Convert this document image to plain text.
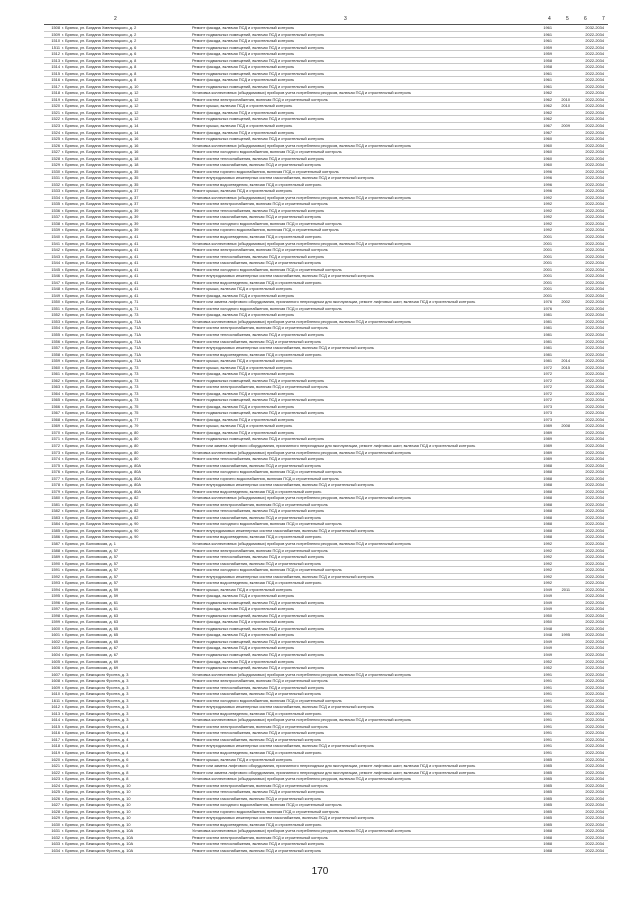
2	3	4	5	6	7
1508 г. Брянск, ул. Богдана Хмельницкого, д. 2	Ремонт фасада, включая ПСД и строительный контроль	1961	2032-2034
1509 г. Брянск, ул. Богдана Хмельницкого, д. 2	Ремонт подвальных помещений, включая ПСД и строительный контроль	1961	2022-2034
1510 г. Брянск, ул. Богдана Хмельницкого, д. 2	Ремонт фасада, включая ПСД и строительный контроль	1961	2022-2034
1511 г. Брянск, ул. Богдана Хмельницкого, д. 6	Ремонт подвальных помещений, включая ПСД и строительный контроль	1959	2022-2034
1512 г. Брянск, ул. Богдана Хмельницкого, д. 6	Ремонт фасада, включая ПСД и строительный контроль	1959	2022-2034
1513 г. Брянск, ул. Богдана Хмельницкого, д. 8	Ремонт подвальных помещений, включая ПСД и строительный контроль	1958	2022-2034
1514 г. Брянск, ул. Богдана Хмельницкого, д. 8	Ремонт фасада, включая ПСД и строительный контроль	1958	2022-2034
1515 г. Брянск, ул. Богдана Хмельницкого, д. 8	Ремонт подвальных помещений, включая ПСД и строительный контроль	1961	2022-2034
1516 г. Брянск, ул. Богдана Хмельницкого, д. 8	Ремонт фасада, включая ПСД и строительный контроль	1961	2022-2034
1517 г. Брянск, ул. Богдана Хмельницкого, д. 10	Ремонт подвальных помещений, включая ПСД и строительный контроль	1961	2022-2034
1518 г. Брянск, ул. Богдана Хмельницкого, д. 12	Установка коллективных (общедомовых) приборов учета потребления ресурсов, включая ПСД и строительный контроль	1962	2022-2034
1519 г. Брянск, ул. Богдана Хмельницкого, д. 12	Ремонт систем электроснабжения, включая ПСД и строительный контроль	1962	2010	2022-2034
1520 г. Брянск, ул. Богдана Хмельницкого, д. 12	Ремонт крыши, включая ПСД и строительный контроль	1962	2010	2022-2034
1521 г. Брянск, ул. Богдана Хмельницкого, д. 12	Ремонт фасада, включая ПСД и строительный контроль	1962	2022-2034
1522 г. Брянск, ул. Богдана Хмельницкого, д. 12	Ремонт подвальных помещений, включая ПСД и строительный контроль	1962	2022-2034
1523 г. Брянск, ул. Богдана Хмельницкого, д. 14	Ремонт крыши, включая ПСД и строительный контроль	1967	2009	2022-2034
1524 г. Брянск, ул. Богдана Хмельницкого, д. 14	Ремонт фасада, включая ПСД и строительный контроль	1967	2022-2034
1525 г. Брянск, ул. Богдана Хмельницкого, д. 16	Ремонт подвальных помещений, включая ПСД и строительный контроль	1960	2022-2034
1526 г. Брянск, ул. Богдана Хмельницкого, д. 16	Установка коллективных (общедомовых) приборов учета потребления ресурсов, включая ПСД и строительный контроль	1960	2022-2034
1527 г. Брянск, ул. Богдана Хмельницкого, д. 16	Ремонт систем холодного водоснабжения, включая ПСД и строительный контроль	1960	2022-2034
1528 г. Брянск, ул. Богдана Хмельницкого, д. 18	Ремонт систем теплоснабжения, включая ПСД и строительный контроль	1960	2022-2034
1529 г. Брянск, ул. Богдана Хмельницкого, д. 18	Ремонт систем газоснабжения, включая ПСД и строительный контроль	1960	2022-2034
1530 г. Брянск, ул. Богдана Хмельницкого, д. 35	Ремонт систем горячего водоснабжения, включая ПСД и строительный контроль	1996	2022-2034
1531 г. Брянск, ул. Богдана Хмельницкого, д. 35	Ремонт внутридомовых инженерных систем газоснабжения, включая ПСД и строительный контроль	1996	2022-2034
1532 г. Брянск, ул. Богдана Хмельницкого, д. 35	Ремонт систем водоотведения, включая ПСД и строительный контроль	1996	2022-2034
1533 г. Брянск, ул. Богдана Хмельницкого, д. 37	Ремонт крыши, включая ПСД и строительный контроль	1996	2022-2034
1534 г. Брянск, ул. Богдана Хмельницкого, д. 37	Установка коллективных (общедомовых) приборов учета потребления ресурсов, включая ПСД и строительный контроль	1992	2022-2034
1535 г. Брянск, ул. Богдана Хмельницкого, д. 37	Ремонт систем электроснабжения, включая ПСД и строительный контроль	1992	2022-2034
1536 г. Брянск, ул. Богдана Хмельницкого, д. 39	Ремонт систем теплоснабжения, включая ПСД и строительный контроль	1992	2022-2034
1537 г. Брянск, ул. Богдана Хмельницкого, д. 39	Ремонт систем газоснабжения, включая ПСД и строительный контроль	1992	2022-2034
1538 г. Брянск, ул. Богдана Хмельницкого, д. 39	Ремонт систем холодного водоснабжения, включая ПСД и строительный контроль	1992	2022-2034
1539 г. Брянск, ул. Богдана Хмельницкого, д. 39	Ремонт систем горячего водоснабжения, включая ПСД и строительный контроль	1992	2022-2034
1540 г. Брянск, ул. Богдана Хмельницкого, д. 41	Ремонт систем водоотведения, включая ПСД и строительный контроль	2001	2022-2034
1541 г. Брянск, ул. Богдана Хмельницкого, д. 41	Установка коллективных (общедомовых) приборов учета потребления ресурсов, включая ПСД и строительный контроль	2001	2022-2034
1542 г. Брянск, ул. Богдана Хмельницкого, д. 41	Ремонт систем электроснабжения, включая ПСД и строительный контроль	2001	2022-2034
1543 г. Брянск, ул. Богдана Хмельницкого, д. 41	Ремонт систем теплоснабжения, включая ПСД и строительный контроль	2001	2022-2034
1544 г. Брянск, ул. Богдана Хмельницкого, д. 41	Ремонт систем газоснабжения, включая ПСД и строительный контроль	2001	2022-2034
1545 г. Брянск, ул. Богдана Хмельницкого, д. 41	Ремонт систем холодного водоснабжения, включая ПСД и строительный контроль	2001	2022-2034
1546 г. Брянск, ул. Богдана Хмельницкого, д. 41	Ремонт внутридомовых инженерных систем газоснабжения, включая ПСД и строительный контроль	2001	2022-2034
1547 г. Брянск, ул. Богдана Хмельницкого, д. 41	Ремонт систем водоотведения, включая ПСД и строительный контроль	2001	2022-2034
1548 г. Брянск, ул. Богдана Хмельницкого, д. 41	Ремонт крыши, включая ПСД и строительный контроль	2001	2022-2034
1549 г. Брянск, ул. Богдана Хмельницкого, д. 41	Ремонт фасада, включая ПСД и строительный контроль	2001	2022-2034
1550 г. Брянск, ул. Богдана Хмельницкого, д. 71	Ремонт или замена лифтового оборудования, признанного непригодным для эксплуатации, ремонт лифтовых шахт, включая ПСД и строительный контроль	1976	2002	2022-2034
1551 г. Брянск, ул. Богдана Хмельницкого, д. 71	Ремонт систем холодного водоснабжения, включая ПСД и строительный контроль	1976	2022-2034
1552 г. Брянск, ул. Богдана Хмельницкого, д. 73	Ремонт фасада, включая ПСД и строительный контроль	1981	2022-2034
1553 г. Брянск, ул. Богдана Хмельницкого, д. 71А	Установка коллективных (общедомовых) приборов учета потребления ресурсов, включая ПСД и строительный контроль	1981	2022-2034
1554 г. Брянск, ул. Богдана Хмельницкого, д. 71А	Ремонт систем электроснабжения, включая ПСД и строительный контроль	1981	2022-2034
1555 г. Брянск, ул. Богдана Хмельницкого, д. 71А	Ремонт систем теплоснабжения, включая ПСД и строительный контроль	1981	2022-2034
1556 г. Брянск, ул. Богдана Хмельницкого, д. 71А	Ремонт систем газоснабжения, включая ПСД и строительный контроль	1981	2022-2034
1557 г. Брянск, ул. Богдана Хмельницкого, д. 71А	Ремонт внутридомовых инженерных систем газоснабжения, включая ПСД и строительный контроль	1981	2022-2034
1558 г. Брянск, ул. Богдана Хмельницкого, д. 71А	Ремонт систем водоотведения, включая ПСД и строительный контроль	1981	2022-2034
1559 г. Брянск, ул. Богдана Хмельницкого, д. 71А	Ремонт крыши, включая ПСД и строительный контроль	1981	2014	2022-2034
1560 г. Брянск, ул. Богдана Хмельницкого, д. 73	Ремонт крыши, включая ПСД и строительный контроль	1972	2015	2022-2034
1561 г. Брянск, ул. Богдана Хмельницкого, д. 73	Ремонт фасада, включая ПСД и строительный контроль	1972	2022-2034
1562 г. Брянск, ул. Богдана Хмельницкого, д. 73	Ремонт подвальных помещений, включая ПСД и строительный контроль	1972	2022-2034
1563 г. Брянск, ул. Богдана Хмельницкого, д. 73	Ремонт систем электроснабжения, включая ПСД и строительный контроль	1972	2022-2034
1564 г. Брянск, ул. Богдана Хмельницкого, д. 73	Ремонт фасада, включая ПСД и строительный контроль	1972	2022-2034
1565 г. Брянск, ул. Богдана Хмельницкого, д. 73	Ремонт подвальных помещений, включая ПСД и строительный контроль	1972	2022-2034
1566 г. Брянск, ул. Богдана Хмельницкого, д. 75	Ремонт фасада, включая ПСД и строительный контроль	1973	2022-2034
1567 г. Брянск, ул. Богдана Хмельницкого, д. 75	Ремонт подвальных помещений, включая ПСД и строительный контроль	1973	2022-2034
1568 г. Брянск, ул. Богдана Хмельницкого, д. 77	Ремонт фасада, включая ПСД и строительный контроль	1973	2022-2034
1569 г. Брянск, ул. Богдана Хмельницкого, д. 79	Ремонт крыши, включая ПСД и строительный контроль	1989	2008	2022-2034
1570 г. Брянск, ул. Богдана Хмельницкого, д. 80	Ремонт фасада, включая ПСД и строительный контроль	1989	2022-2034
1571 г. Брянск, ул. Богдана Хмельницкого, д. 80	Ремонт подвальных помещений, включая ПСД и строительный контроль	1989	2022-2034
1572 г. Брянск, ул. Богдана Хмельницкого, д. 80	Ремонт или замена лифтового оборудования, признанного непригодным для эксплуатации, ремонт лифтовых шахт, включая ПСД и строительный контроль	1989	2022-2034
1573 г. Брянск, ул. Богдана Хмельницкого, д. 80	Установка коллективных (общедомовых) приборов учета потребления ресурсов, включая ПСД и строительный контроль	1989	2022-2034
1574 г. Брянск, ул. Богдана Хмельницкого, д. 80	Ремонт систем теплоснабжения, включая ПСД и строительный контроль	1989	2022-2034
1575 г. Брянск, ул. Богдана Хмельницкого, д. 80А	Ремонт систем газоснабжения, включая ПСД и строительный контроль	1988	2022-2034
1576 г. Брянск, ул. Богдана Хмельницкого, д. 80А	Ремонт систем холодного водоснабжения, включая ПСД и строительный контроль	1988	2022-2034
1577 г. Брянск, ул. Богдана Хмельницкого, д. 80А	Ремонт систем горячего водоснабжения, включая ПСД и строительный контроль	1988	2022-2034
1578 г. Брянск, ул. Богдана Хмельницкого, д. 80А	Ремонт внутридомовых инженерных систем газоснабжения, включая ПСД и строительный контроль	1988	2022-2034
1579 г. Брянск, ул. Богдана Хмельницкого, д. 80А	Ремонт систем водоотведения, включая ПСД и строительный контроль	1988	2022-2034
1580 г. Брянск, ул. Богдана Хмельницкого, д. 82	Установка коллективных (общедомовых) приборов учета потребления ресурсов, включая ПСД и строительный контроль	1988	2022-2034
1581 г. Брянск, ул. Богдана Хмельницкого, д. 82	Ремонт систем электроснабжения, включая ПСД и строительный контроль	1988	2022-2034
1582 г. Брянск, ул. Богдана Хмельницкого, д. 82	Ремонт систем теплоснабжения, включая ПСД и строительный контроль	1988	2022-2034
1583 г. Брянск, ул. Богдана Хмельницкого, д. 82	Ремонт систем газоснабжения, включая ПСД и строительный контроль	1988	2022-2034
1584 г. Брянск, ул. Богдана Хмельницкого, д. 90	Ремонт систем холодного водоснабжения, включая ПСД и строительный контроль	1988	2022-2034
1585 г. Брянск, ул. Богдана Хмельницкого, д. 90	Ремонт внутридомовых инженерных систем газоснабжения, включая ПСД и строительный контроль	1988	2022-2034
1586 г. Брянск, ул. Богдана Хмельницкого, д. 90	Ремонт систем водоотведения, включая ПСД и строительный контроль	1988	2022-2034
1587 г. Брянск, ул. Болховская, д. 1	Установка коллективных (общедомовых) приборов учета потребления ресурсов, включая ПСД и строительный контроль	1992	2022-2034
1588 г. Брянск, ул. Болховская, д. 57	Ремонт систем электроснабжения, включая ПСД и строительный контроль	1992	2022-2034
1589 г. Брянск, ул. Болховская, д. 57	Ремонт систем теплоснабжения, включая ПСД и строительный контроль	1992	2022-2034
1590 г. Брянск, ул. Болховская, д. 57	Ремонт систем газоснабжения, включая ПСД и строительный контроль	1992	2022-2034
1591 г. Брянск, ул. Болховская, д. 57	Ремонт систем холодного водоснабжения, включая ПСД и строительный контроль	1992	2022-2034
1592 г. Брянск, ул. Болховская, д. 57	Ремонт внутридомовых инженерных систем газоснабжения, включая ПСД и строительный контроль	1992	2022-2034
1593 г. Брянск, ул. Болховская, д. 57	Ремонт систем водоотведения, включая ПСД и строительный контроль	1992	2022-2034
1594 г. Брянск, ул. Болховская, д. 59	Ремонт крыши, включая ПСД и строительный контроль	1949	2011	2022-2034
1595 г. Брянск, ул. Болховская, д. 59	Ремонт фасада, включая ПСД и строительный контроль	1949	2022-2034
1596 г. Брянск, ул. Болховская, д. 61	Ремонт подвальных помещений, включая ПСД и строительный контроль	1949	2022-2034
1597 г. Брянск, ул. Болховская, д. 61	Ремонт фасада, включая ПСД и строительный контроль	1949	2022-2034
1598 г. Брянск, ул. Болховская, д. 63	Ремонт подвальных помещений, включая ПСД и строительный контроль	1950	2022-2034
1599 г. Брянск, ул. Болховская, д. 63	Ремонт фасада, включая ПСД и строительный контроль	1950	2022-2034
1600 г. Брянск, ул. Болховская, д. 65	Ремонт подвальных помещений, включая ПСД и строительный контроль	1948	2022-2034
1601 г. Брянск, ул. Болховская, д. 65	Ремонт фасада, включая ПСД и строительный контроль	1948	1995	2022-2034
1602 г. Брянск, ул. Болховская, д. 65	Ремонт подвальных помещений, включая ПСД и строительный контроль	1949	2022-2034
1603 г. Брянск, ул. Болховская, д. 67	Ремонт фасада, включая ПСД и строительный контроль	1949	2022-2034
1604 г. Брянск, ул. Болховская, д. 67	Ремонт подвальных помещений, включая ПСД и строительный контроль	1949	2022-2034
1605 г. Брянск, ул. Болховская, д. 69	Ремонт фасада, включая ПСД и строительный контроль	1952	2022-2034
1606 г. Брянск, ул. Болховская, д. 69	Ремонт подвальных помещений, включая ПСД и строительный контроль	1952	2022-2034
1607 г. Брянск, ул. Бежицкого Фронта, д. 3	Установка коллективных (общедомовых) приборов учета потребления ресурсов, включая ПСД и строительный контроль	1991	2022-2034
1608 г. Брянск, ул. Бежицкого Фронта, д. 3	Ремонт систем электроснабжения, включая ПСД и строительный контроль	1991	2022-2034
1609 г. Брянск, ул. Бежицкого Фронта, д. 3	Ремонт систем теплоснабжения, включая ПСД и строительный контроль	1991	2022-2034
1610 г. Брянск, ул. Бежицкого Фронта, д. 3	Ремонт систем газоснабжения, включая ПСД и строительный контроль	1991	2022-2034
1611 г. Брянск, ул. Бежицкого Фронта, д. 3	Ремонт систем холодного водоснабжения, включая ПСД и строительный контроль	1991	2022-2034
1612 г. Брянск, ул. Бежицкого Фронта, д. 3	Ремонт внутридомовых инженерных систем газоснабжения, включая ПСД и строительный контроль	1991	2022-2034
1613 г. Брянск, ул. Бежицкого Фронта, д. 3	Ремонт систем водоотведения, включая ПСД и строительный контроль	1991	2022-2034
1614 г. Брянск, ул. Бежицкого Фронта, д. 3	Установка коллективных (общедомовых) приборов учета потребления ресурсов, включая ПСД и строительный контроль	1991	2022-2034
1615 г. Брянск, ул. Бежицкого Фронта, д. 4	Ремонт систем электроснабжения, включая ПСД и строительный контроль	1991	2022-2034
1616 г. Брянск, ул. Бежицкого Фронта, д. 4	Ремонт систем теплоснабжения, включая ПСД и строительный контроль	1991	2022-2034
1617 г. Брянск, ул. Бежицкого Фронта, д. 4	Ремонт систем газоснабжения, включая ПСД и строительный контроль	1991	2022-2034
1618 г. Брянск, ул. Бежицкого Фронта, д. 4	Ремонт внутридомовых инженерных систем газоснабжения, включая ПСД и строительный контроль	1991	2022-2034
1619 г. Брянск, ул. Бежицкого Фронта, д. 4	Ремонт систем водоотведения, включая ПСД и строительный контроль	1991	2022-2034
1620 г. Брянск, ул. Бежицкого Фронта, д. 6	Ремонт крыши, включая ПСД и строительный контроль	1985	2022-2034
1621 г. Брянск, ул. Бежицкого Фронта, д. 6	Ремонт или замена лифтового оборудования, признанного непригодным для эксплуатации, ремонт лифтовых шахт, включая ПСД и строительный контроль	1985	2022-2034
1622 г. Брянск, ул. Бежицкого Фронта, д. 8	Ремонт или замена лифтового оборудования, признанного непригодным для эксплуатации, ремонт лифтовых шахт, включая ПСД и строительный контроль	1985	2022-2034
1623 г. Брянск, ул. Бежицкого Фронта, д. 8	Установка коллективных (общедомовых) приборов учета потребления ресурсов, включая ПСД и строительный контроль	1985	2022-2034
1624 г. Брянск, ул. Бежицкого Фронта, д. 10	Ремонт систем электроснабжения, включая ПСД и строительный контроль	1985	2022-2034
1625 г. Брянск, ул. Бежицкого Фронта, д. 10	Ремонт систем теплоснабжения, включая ПСД и строительный контроль	1985	2022-2034
1626 г. Брянск, ул. Бежицкого Фронта, д. 10	Ремонт систем газоснабжения, включая ПСД и строительный контроль	1985	2022-2034
1627 г. Брянск, ул. Бежицкого Фронта, д. 10	Ремонт систем холодного водоснабжения, включая ПСД и строительный контроль	1985	2022-2034
1628 г. Брянск, ул. Бежицкого Фронта, д. 10	Ремонт систем горячего водоснабжения, включая ПСД и строительный контроль	1985	2022-2034
1629 г. Брянск, ул. Бежицкого Фронта, д. 10	Ремонт внутридомовых инженерных систем газоснабжения, включая ПСД и строительный контроль	1985	2022-2034
1630 г. Брянск, ул. Бежицкого Фронта, д. 10	Ремонт систем водоотведения, включая ПСД и строительный контроль	1985	2022-2034
1631 г. Брянск, ул. Бежицкого Фронта, д. 10А	Установка коллективных (общедомовых) приборов учета потребления ресурсов, включая ПСД и строительный контроль	1988	2022-2034
1632 г. Брянск, ул. Бежицкого Фронта, д. 10А	Ремонт систем электроснабжения, включая ПСД и строительный контроль	1988	2022-2034
1633 г. Брянск, ул. Бежицкого Фронта, д. 10А	Ремонт систем теплоснабжения, включая ПСД и строительный контроль	1988	2022-2034
1634 г. Брянск, ул. Бежицкого Фронта, д. 10А	Ремонт систем газоснабжения, включая ПСД и строительный контроль	1988	2022-2034
170
